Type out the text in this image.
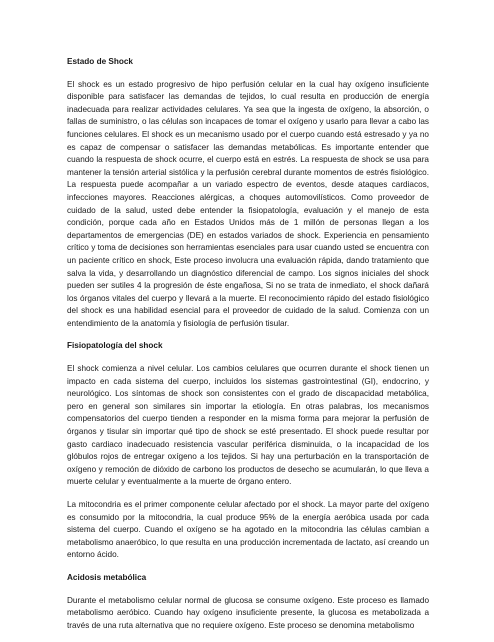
Estado de Shock

El shock es un estado progresivo de hipo perfusión celular en la cual hay oxígeno insuficiente disponible para satisfacer las demandas de tejidos, lo cual resulta en producción de energía inadecuada para realizar actividades celulares. Ya sea que la ingesta de oxígeno, la absorción, o fallas de suministro, o las células son incapaces de tomar el oxígeno y usarlo para llevar a cabo las funciones celulares. El shock es un mecanismo usado por el cuerpo cuando está estresado y ya no es capaz de compensar o satisfacer las demandas metabólicas. Es importante entender que cuando la respuesta de shock ocurre, el cuerpo está en estrés. La respuesta de shock se usa para mantener la tensión arterial sistólica y la perfusión cerebral durante momentos de estrés fisiológico. La respuesta puede acompañar a un variado espectro de eventos, desde ataques cardiacos, infecciones mayores. Reacciones alérgicas, a choques automovilísticos. Como proveedor de cuidado de la salud, usted debe entender la fisiopatología, evaluación y el manejo de esta condición, porque cada año en Estados Unidos más de 1 millón de personas llegan a los departamentos de emergencias (DE) en estados variados de shock. Experiencia en pensamiento crítico y toma de decisiones son herramientas esenciales para usar cuando usted se encuentra con un paciente crítico en shock, Este proceso involucra una evaluación rápida, dando tratamiento que salva la vida, y desarrollando un diagnóstico diferencial de campo. Los signos iniciales del shock pueden ser sutiles 4 la progresión de éste engañosa, Si no se trata de inmediato, el shock dañará los órganos vitales del cuerpo y llevará a la muerte. El reconocimiento rápido del estado fisiológico del shock es una habilidad esencial para el proveedor de cuidado de la salud. Comienza con un entendimiento de la anatomía y fisiología de perfusión tisular.

Fisiopatología del shock

El shock comienza a nivel celular. Los cambios celulares que ocurren durante el shock tienen un impacto en cada sistema del cuerpo, incluidos los sistemas gastrointestinal (GI), endocrino, y neurológico. Los síntomas de shock son consistentes con el grado de discapacidad metabólica, pero en general son similares sin importar la etiología. En otras palabras, los mecanismos compensatorios del cuerpo tienden a responder en la misma forma para mejorar la perfusión de órganos y tisular sin importar qué tipo de shock se esté presentado. El shock puede resultar por gasto cardiaco inadecuado resistencia vascular periférica disminuida, o la incapacidad de los glóbulos rojos de entregar oxígeno a los tejidos. Si hay una perturbación en la transportación de oxígeno y remoción de dióxido de carbono los productos de desecho se acumularán, lo que lleva a muerte celular y eventualmente a la muerte de órgano entero.

La mitocondria es el primer componente celular afectado por el shock. La mayor parte del oxígeno es consumido por la mitocondria, la cual produce 95% de la energía aeróbica usada por cada sistema del cuerpo. Cuando el oxígeno se ha agotado en la mitocondria las células cambian a metabolismo anaeróbico, lo que resulta en una producción incrementada de lactato, así creando un entorno ácido.

Acidosis metabólica

Durante el metabolismo celular normal de glucosa se consume oxígeno. Este proceso es llamado metabolismo aeróbico. Cuando hay oxígeno insuficiente presente, la glucosa es metabolizada a través de una ruta alternativa que no requiere oxígeno. Este proceso se denomina metabolismo
